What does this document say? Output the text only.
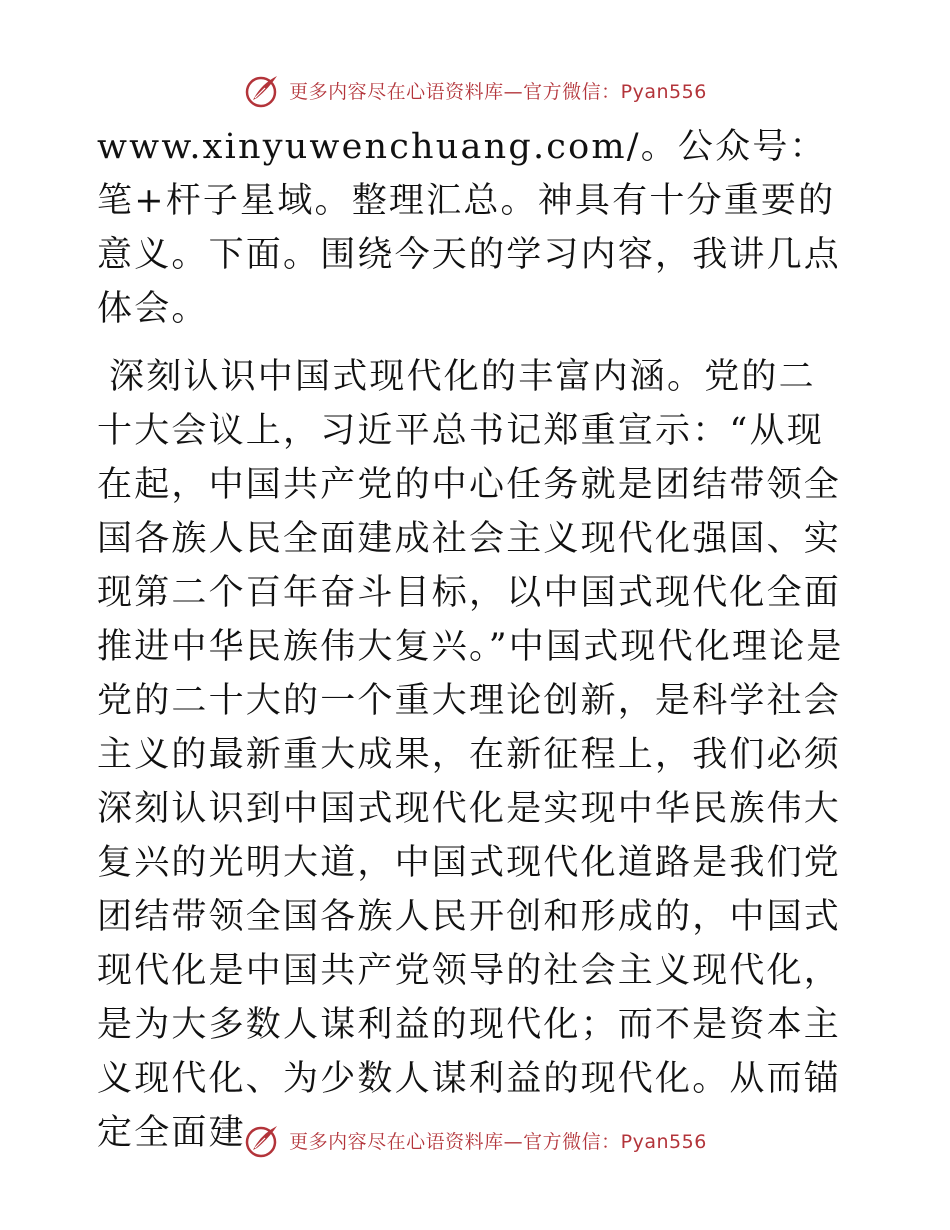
更多内容尽在心语资料库—官方微信：Pyan556

www.xinyuwenchuang.com/。公众号：笔+杆子星域。整理汇总。神具有十分重要的意义。下面。围绕今天的学习内容，我讲几点体会。

深刻认识中国式现代化的丰富内涵。党的二十大会议上，习近平总书记郑重宣示：“从现在起，中国共产党的中心任务就是团结带领全国各族人民全面建成社会主义现代化强国、实现第二个百年奋斗目标，以中国式现代化全面推进中华民族伟大复兴。”中国式现代化理论是党的二十大的一个重大理论创新，是科学社会主义的最新重大成果，在新征程上，我们必须深刻认识到中国式现代化是实现中华民族伟大复兴的光明大道，中国式现代化道路是我们党团结带领全国各族人民开创和形成的，中国式现代化是中国共产党领导的社会主义现代化，是为大多数人谋利益的现代化；而不是资本主义现代化、为少数人谋利益的现代化。从而锚定全面建	更多内容尽在心语资料库—官方微信：Pyan556
